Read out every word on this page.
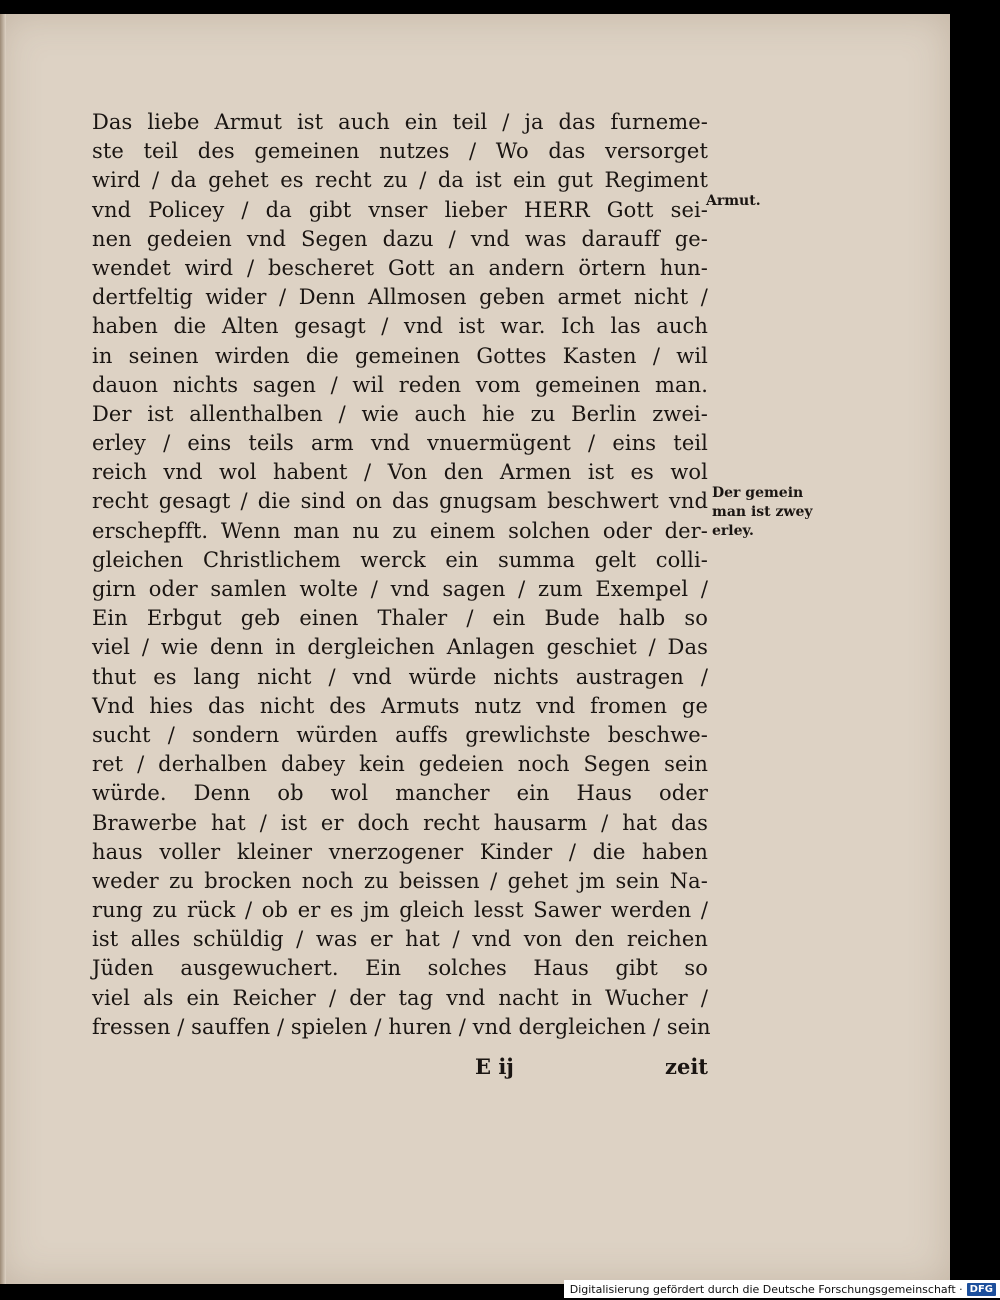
Das liebe Armut ist auch ein teil / ja das furneme-
ste teil des gemeinen nutzes / Wo das versorget
wird / da gehet es recht zu / da ist ein gut Regiment
vnd Policey / da gibt vnser lieber HERR Gott sei-
nen gedeien vnd Segen dazu / vnd was darauff ge-
wendet wird / bescheret Gott an andern örtern hun-
dertfeltig wider / Denn Allmosen geben armet nicht /
haben die Alten gesagt / vnd ist war. Ich las auch
in seinen wirden die gemeinen Gottes Kasten / wil
dauon nichts sagen / wil reden vom gemeinen man.
Der ist allenthalben / wie auch hie zu Berlin zwei-
erley / eins teils arm vnd vnuermügent / eins teil
reich vnd wol habent / Von den Armen ist es wol
recht gesagt / die sind on das gnugsam beschwert vnd
erschepfft. Wenn man nu zu einem solchen oder der-
gleichen Christlichem werck ein summa gelt colli-
girn oder samlen wolte / vnd sagen / zum Exempel /
Ein Erbgut geb einen Thaler / ein Bude halb so
viel / wie denn in dergleichen Anlagen geschiet / Das
thut es lang nicht / vnd würde nichts austragen /
Vnd hies das nicht des Armuts nutz vnd fromen ge
sucht / sondern würden auffs grewlichste beschwe-
ret / derhalben dabey kein gedeien noch Segen sein
würde. Denn ob wol mancher ein Haus oder
Brawerbe hat / ist er doch recht hausarm / hat das
haus voller kleiner vnerzogener Kinder / die haben
weder zu brocken noch zu beissen / gehet jm sein Na-
rung zu rück / ob er es jm gleich lesst Sawer werden /
ist alles schüldig / was er hat / vnd von den reichen
Jüden ausgewuchert. Ein solches Haus gibt so
viel als ein Reicher / der tag vnd nacht in Wucher /
fressen / sauffen / spielen / huren / vnd dergleichen / sein
Armut.
Der gemein
man ist zwey
erley.
E ij	zeit
Digitalisierung gefördert durch die Deutsche Forschungsgemeinschaft · DFG
